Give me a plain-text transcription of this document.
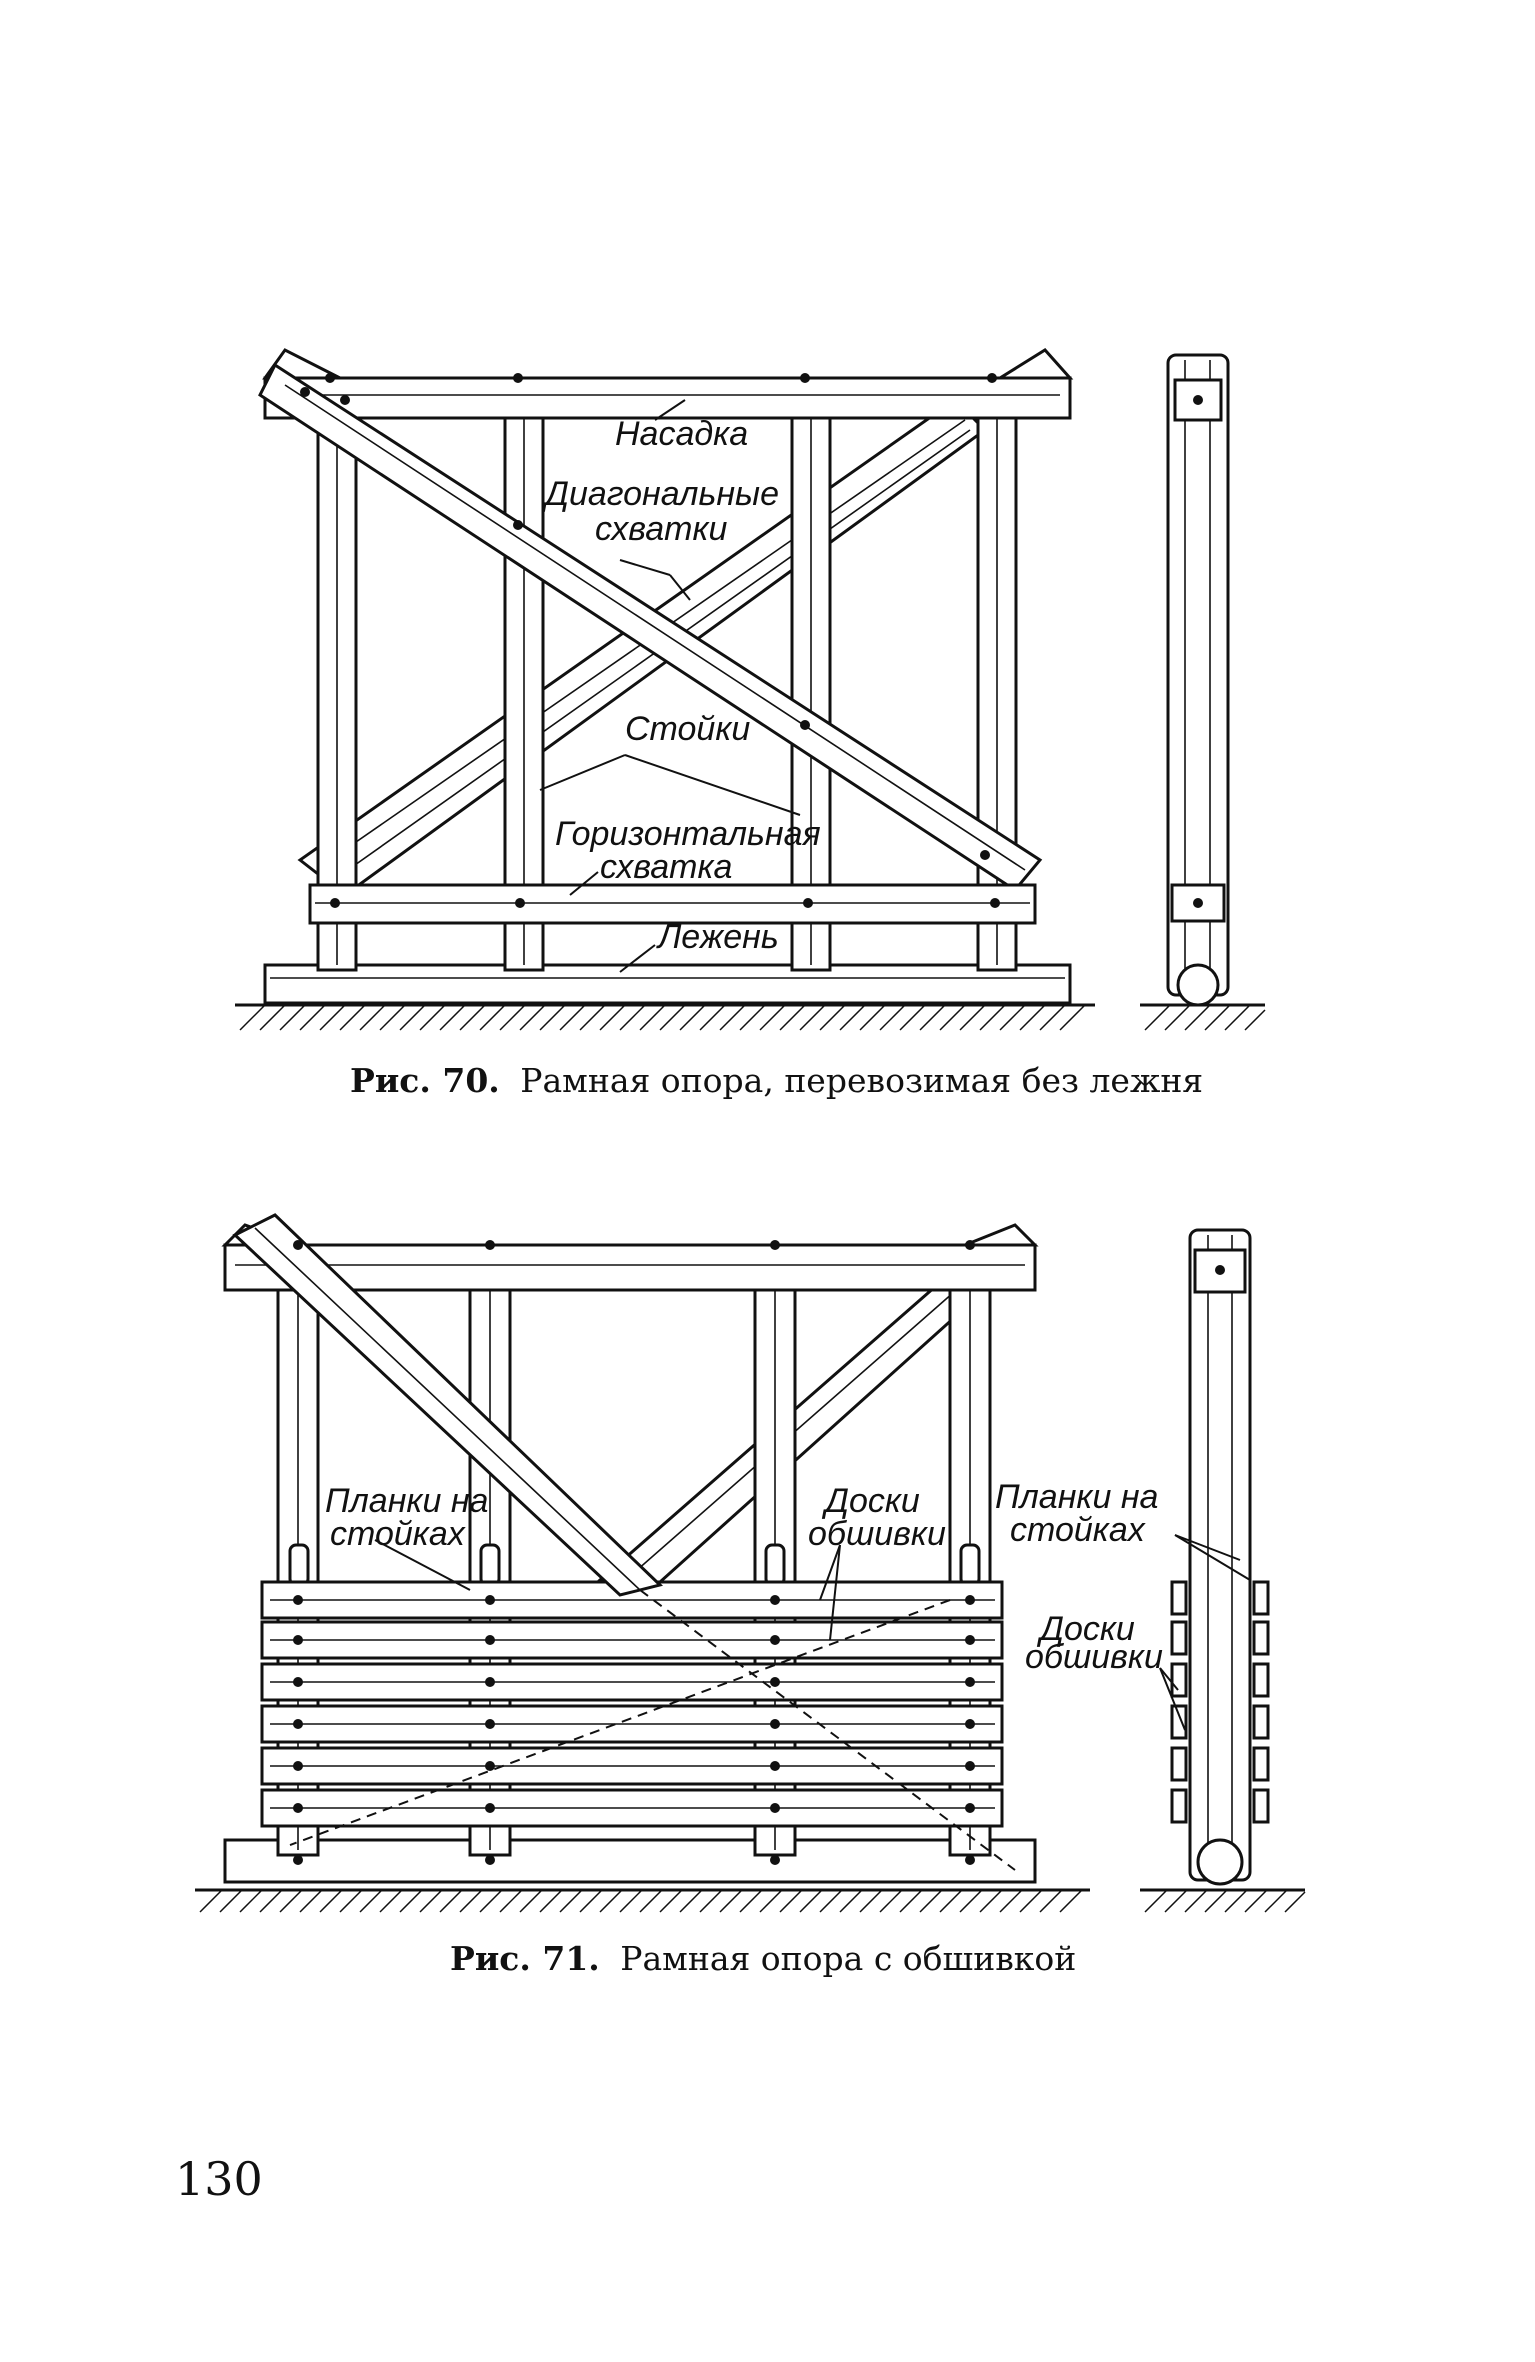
Насадка
Диагональные
схватки
Стойки
Горизонтальная
схватка
Лежень
Рис. 70. Рамная опора, перевозимая без лежня
Планки на
стойках
Доски
обшивки
Планки на
стойках
Доски
обшивки
Рис. 71. Рамная опора с обшивкой
130
